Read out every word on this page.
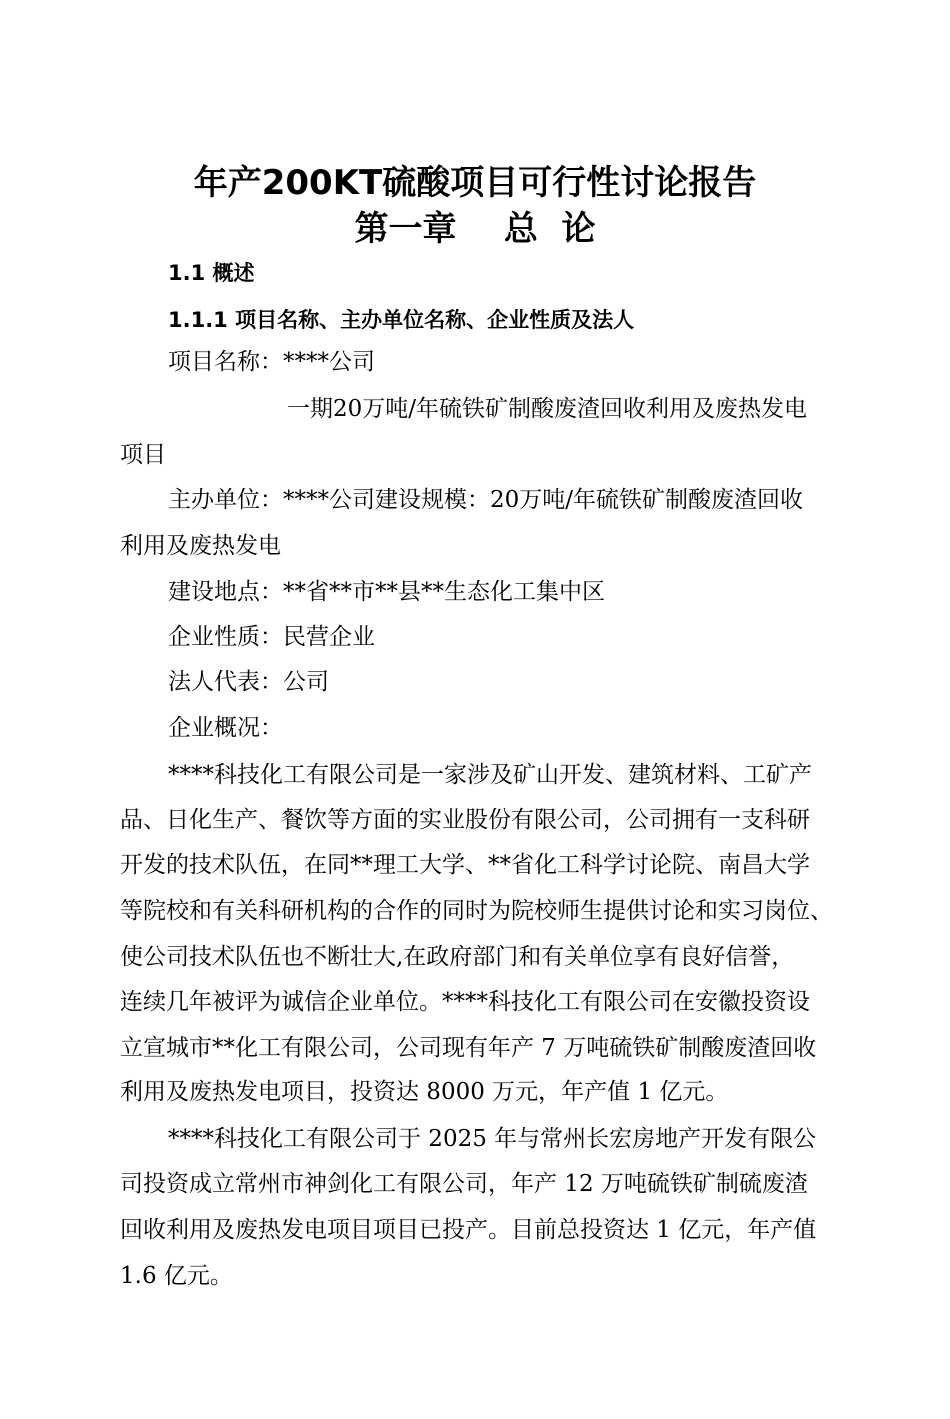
年产200KT硫酸项目可行性讨论报告
第一章    总  论
1.1 概述
1.1.1 项目名称、主办单位名称、企业性质及法人
项目名称：****公司
一期20万吨/年硫铁矿制酸废渣回收利用及废热发电
项目
主办单位：****公司建设规模：20万吨/年硫铁矿制酸废渣回收
利用及废热发电
建设地点：**省**市**县**生态化工集中区
企业性质：民营企业
法人代表：公司
企业概况：
****科技化工有限公司是一家涉及矿山开发、建筑材料、工矿产
品、日化生产、餐饮等方面的实业股份有限公司，公司拥有一支科研
开发的技术队伍，在同**理工大学、**省化工科学讨论院、南昌大学
等院校和有关科研机构的合作的同时为院校师生提供讨论和实习岗位、
使公司技术队伍也不断壮大,在政府部门和有关单位享有良好信誉，
连续几年被评为诚信企业单位。****科技化工有限公司在安徽投资设
立宣城市**化工有限公司，公司现有年产 7 万吨硫铁矿制酸废渣回收
利用及废热发电项目，投资达 8000 万元，年产值 1 亿元。
****科技化工有限公司于 2025 年与常州长宏房地产开发有限公
司投资成立常州市神剑化工有限公司，年产 12 万吨硫铁矿制硫废渣
回收利用及废热发电项目项目已投产。目前总投资达 1 亿元，年产值
1.6 亿元。
